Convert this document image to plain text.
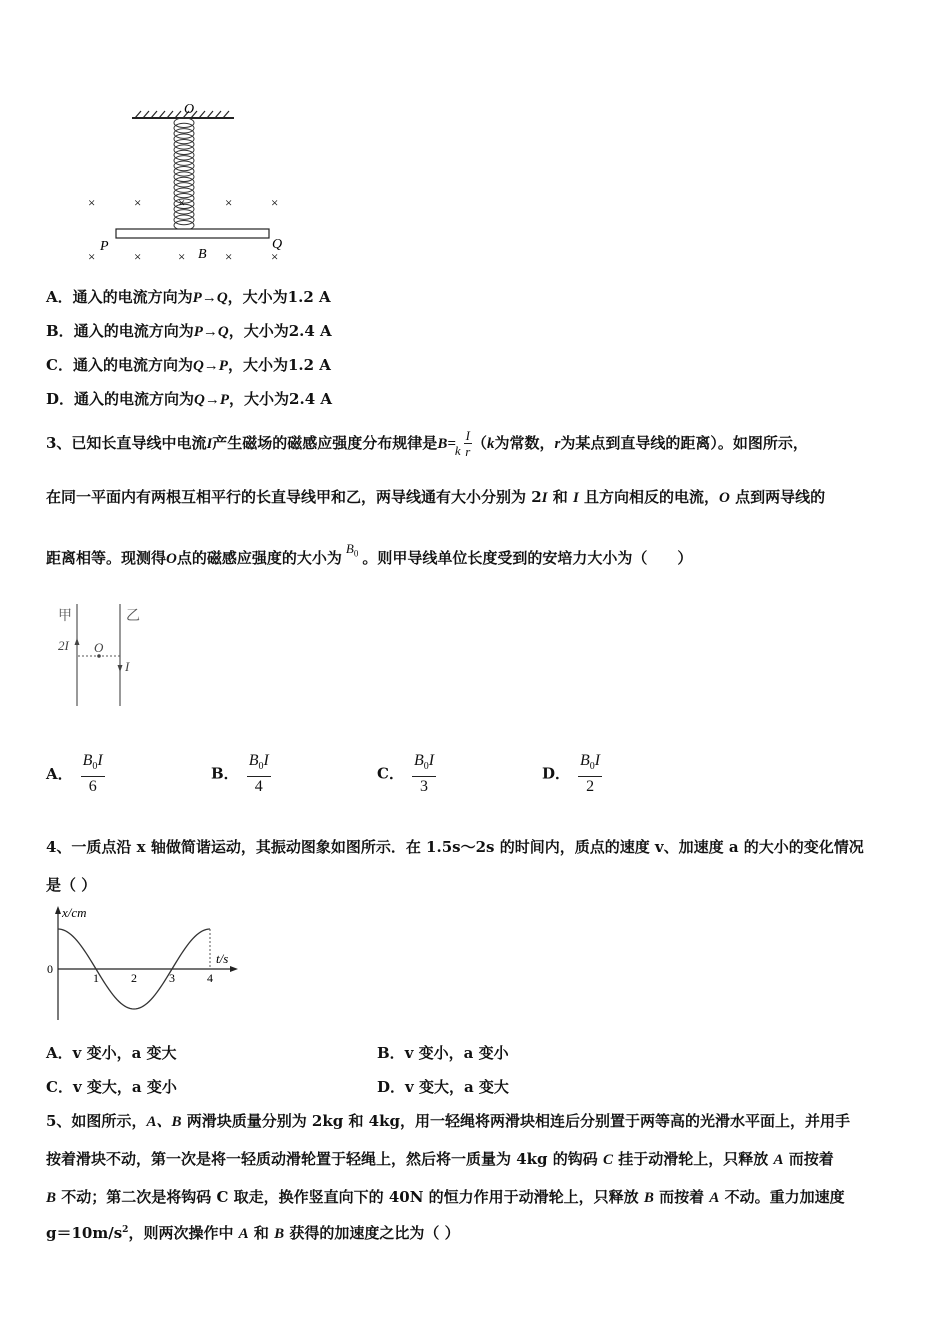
O
P	Q
B
×	×	×	×	×
×	×	×	×	×
A．通入的电流方向为P→Q，大小为1.2 A
B．通入的电流方向为P→Q，大小为2.4 A
C．通入的电流方向为Q→P，大小为1.2 A
D．通入的电流方向为Q→P，大小为2.4 A
3、已知长直导线中电流I产生磁场的磁感应强度分布规律是$B=k \frac{I}{r} (k$为常数，r为某点到直导线的距离）。如图所示，
在同一平面内有两根互相平行的长直导线甲和乙，两导线通有大小分别为 2I 和 I 且方向相反的电流，O 点到两导线的
距离相等。现测得O点的磁感应强度的大小为$B_0$ 。则甲导线单位长度受到的安培力大小为（　　）
甲	乙
2I O
I
A． $\frac{B_0I}{6}$	B． $\frac{B_0I}{4}$	C． $\frac{B_0I}{3}$	D． $\frac{B_0I}{2}$
4、一质点沿 x 轴做简谐运动，其振动图象如图所示．在 1.5s～2s 的时间内，质点的速度 v、加速度 a 的大小的变化情况
是（ ）
x/cm
t/s
0
1	2	3	4
A．v 变小，a 变大	B．v 变小，a 变小
C．v 变大，a 变小	D．v 变大，a 变大
5、如图所示，A、B 两滑块质量分别为 2kg 和 4kg，用一轻绳将两滑块相连后分别置于两等高的光滑水平面上，并用手
按着滑块不动，第一次是将一轻质动滑轮置于轻绳上，然后将一质量为 4kg 的钩码 C 挂于动滑轮上，只释放 A 而按着
B 不动；第二次是将钩码 C 取走，换作竖直向下的 40N 的恒力作用于动滑轮上，只释放 B 而按着 A 不动。重力加速度
$g=10m/s^2$，则两次操作中 A 和 B 获得的加速度之比为（ ）
